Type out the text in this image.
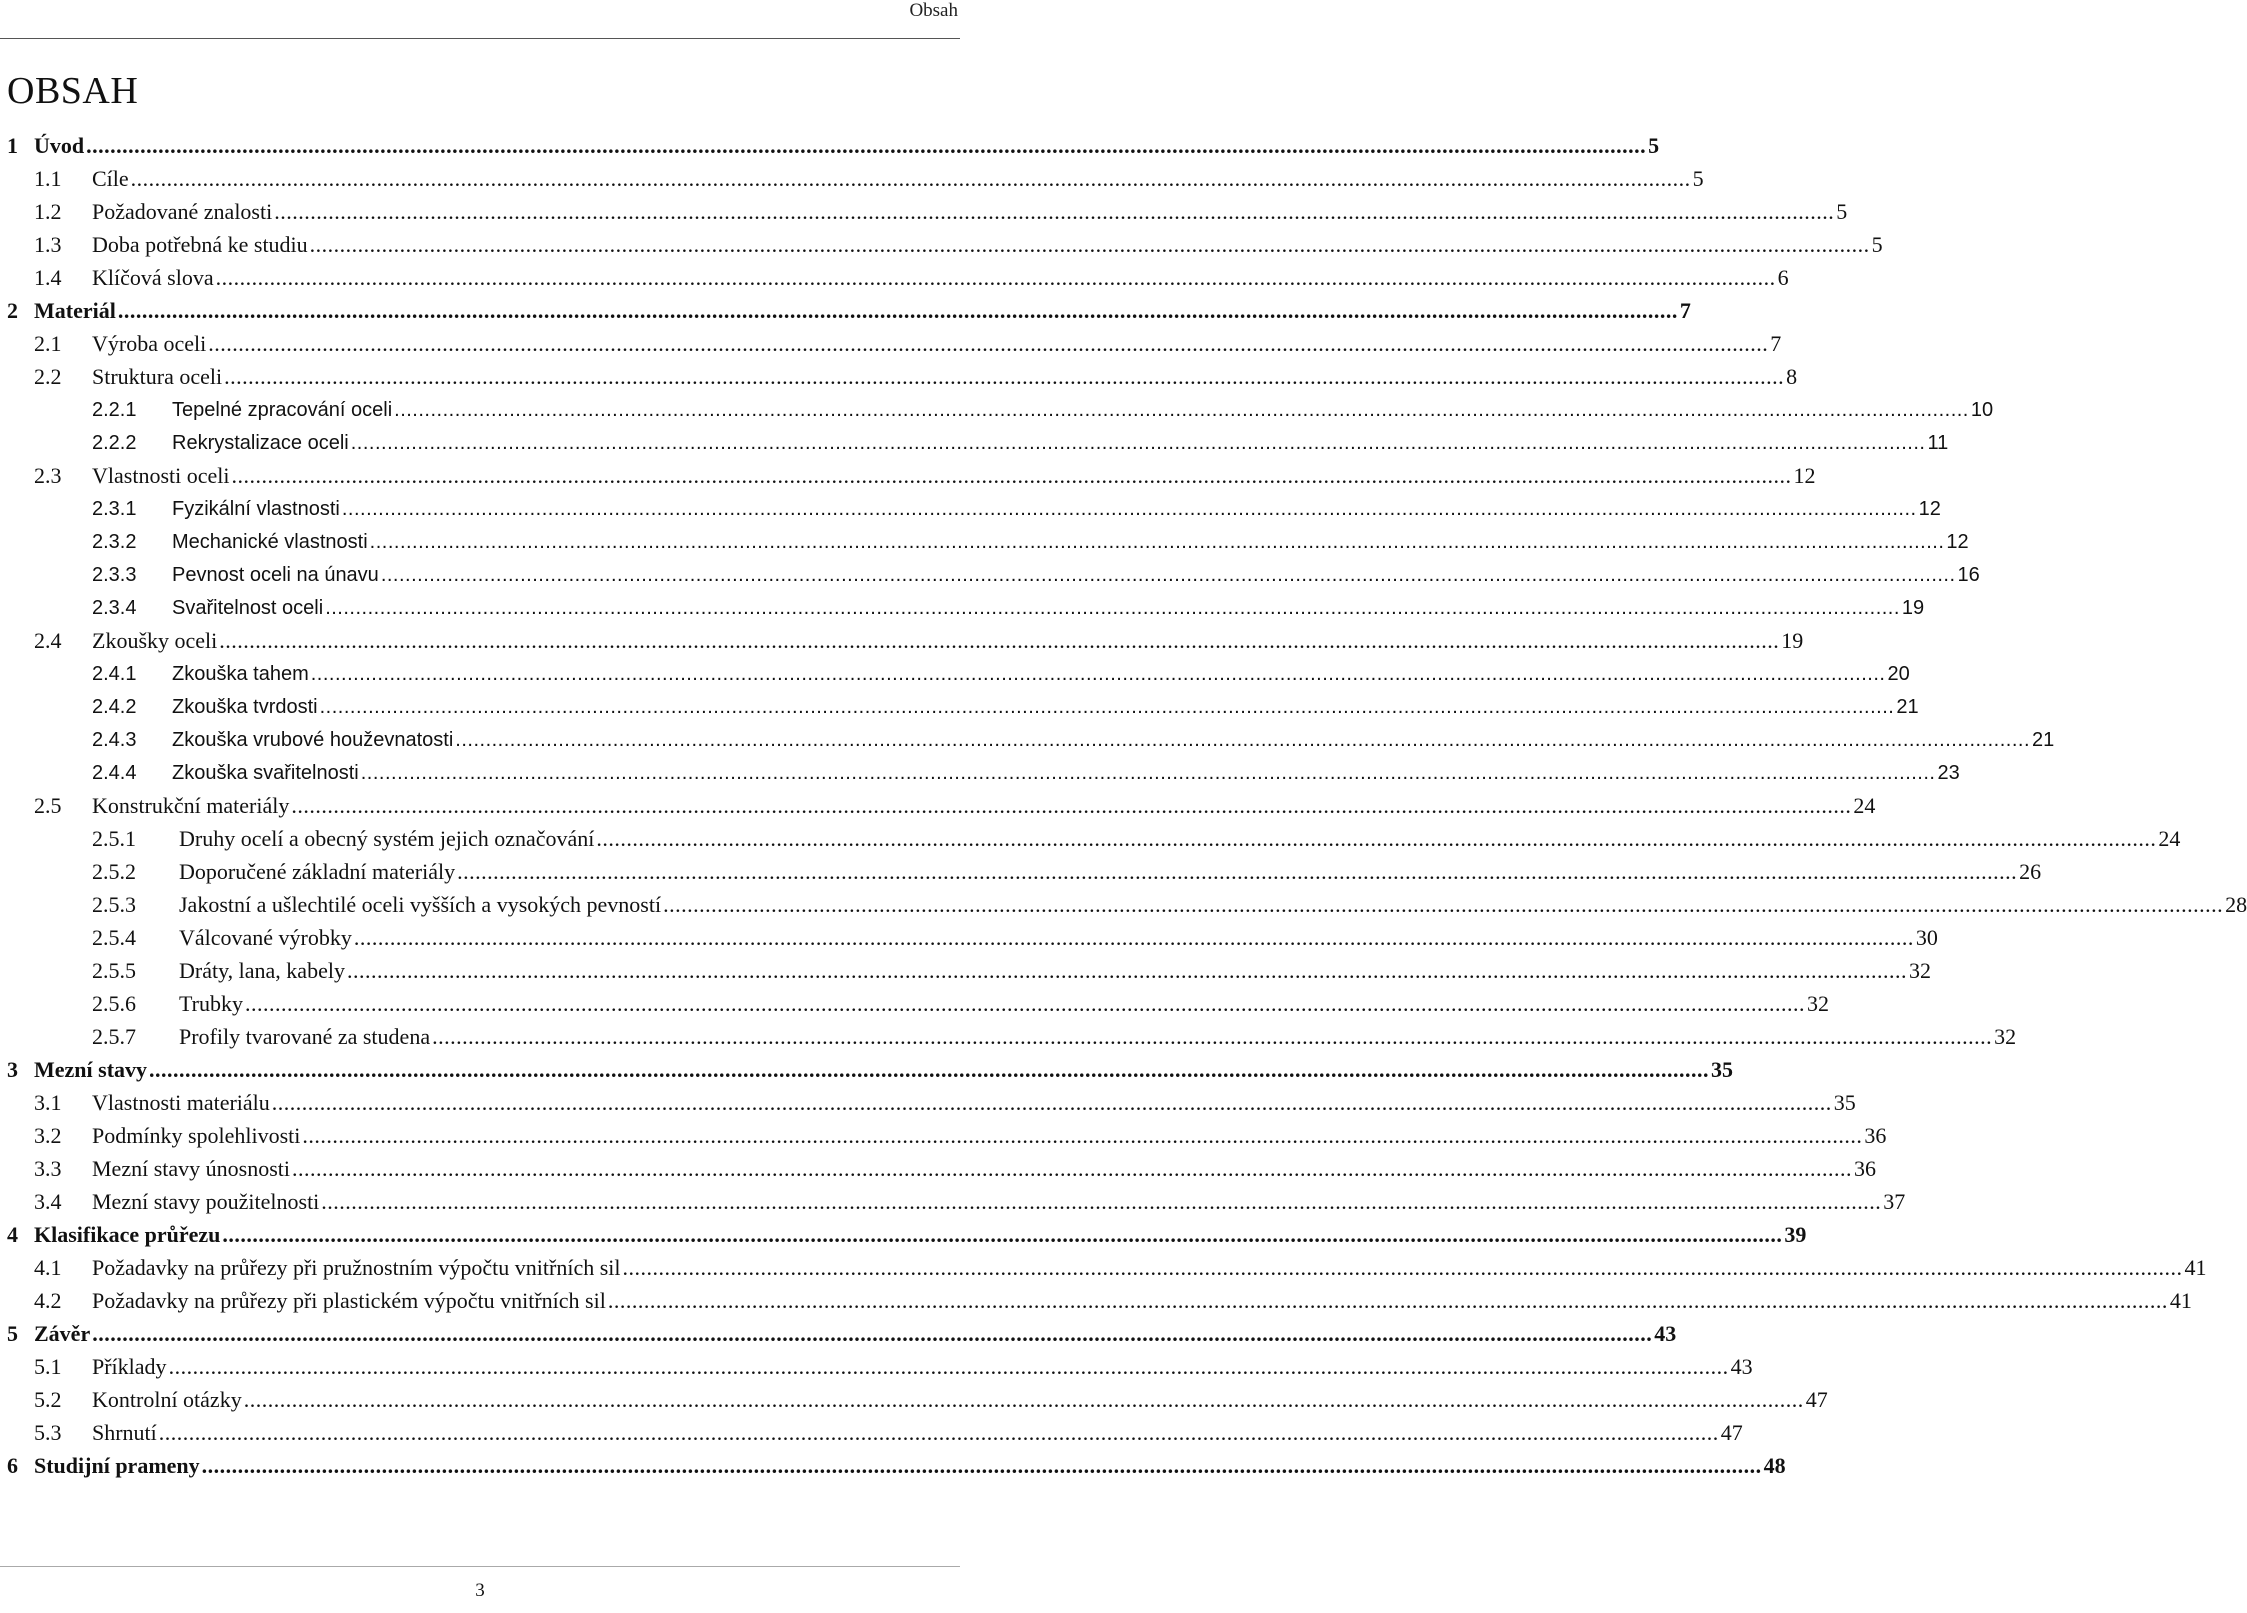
Obsah
OBSAH
1 Úvod .................................................................................................................................................................................................................................................................... 5
1.1 Cíle .................................................................................................................................................................................................................................................................... 5
1.2 Požadované znalosti .................................................................................................................................................................................................................................................................... 5
1.3 Doba potřebná ke studiu .................................................................................................................................................................................................................................................................... 5
1.4 Klíčová slova .................................................................................................................................................................................................................................................................... 6
2 Materiál .................................................................................................................................................................................................................................................................... 7
2.1 Výroba oceli .................................................................................................................................................................................................................................................................... 7
2.2 Struktura oceli .................................................................................................................................................................................................................................................................... 8
2.2.1 Tepelné zpracování oceli .................................................................................................................................................................................................................................................................... 10
2.2.2 Rekrystalizace oceli .................................................................................................................................................................................................................................................................... 11
2.3 Vlastnosti oceli .................................................................................................................................................................................................................................................................... 12
2.3.1 Fyzikální vlastnosti .................................................................................................................................................................................................................................................................... 12
2.3.2 Mechanické vlastnosti .................................................................................................................................................................................................................................................................... 12
2.3.3 Pevnost oceli na únavu .................................................................................................................................................................................................................................................................... 16
2.3.4 Svařitelnost oceli .................................................................................................................................................................................................................................................................... 19
2.4 Zkoušky oceli .................................................................................................................................................................................................................................................................... 19
2.4.1 Zkouška tahem .................................................................................................................................................................................................................................................................... 20
2.4.2 Zkouška tvrdosti .................................................................................................................................................................................................................................................................... 21
2.4.3 Zkouška vrubové houževnatosti .................................................................................................................................................................................................................................................................... 21
2.4.4 Zkouška svařitelnosti .................................................................................................................................................................................................................................................................... 23
2.5 Konstrukční materiály .................................................................................................................................................................................................................................................................... 24
2.5.1 Druhy ocelí a obecný systém jejich označování .................................................................................................................................................................................................................................................................... 24
2.5.2 Doporučené základní materiály .................................................................................................................................................................................................................................................................... 26
2.5.3 Jakostní a ušlechtilé oceli vyšších a vysokých pevností .................................................................................................................................................................................................................................................................... 28
2.5.4 Válcované výrobky .................................................................................................................................................................................................................................................................... 30
2.5.5 Dráty, lana, kabely .................................................................................................................................................................................................................................................................... 32
2.5.6 Trubky .................................................................................................................................................................................................................................................................... 32
2.5.7 Profily tvarované za studena .................................................................................................................................................................................................................................................................... 32
3 Mezní stavy .................................................................................................................................................................................................................................................................... 35
3.1 Vlastnosti materiálu .................................................................................................................................................................................................................................................................... 35
3.2 Podmínky spolehlivosti .................................................................................................................................................................................................................................................................... 36
3.3 Mezní stavy únosnosti .................................................................................................................................................................................................................................................................... 36
3.4 Mezní stavy použitelnosti .................................................................................................................................................................................................................................................................... 37
4 Klasifikace průřezu .................................................................................................................................................................................................................................................................... 39
4.1 Požadavky na průřezy při pružnostním výpočtu vnitřních sil .................................................................................................................................................................................................................................................................... 41
4.2 Požadavky na průřezy při plastickém výpočtu vnitřních sil .................................................................................................................................................................................................................................................................... 41
5 Závěr .................................................................................................................................................................................................................................................................... 43
5.1 Příklady .................................................................................................................................................................................................................................................................... 43
5.2 Kontrolní otázky .................................................................................................................................................................................................................................................................... 47
5.3 Shrnutí .................................................................................................................................................................................................................................................................... 47
6 Studijní prameny .................................................................................................................................................................................................................................................................... 48
3
